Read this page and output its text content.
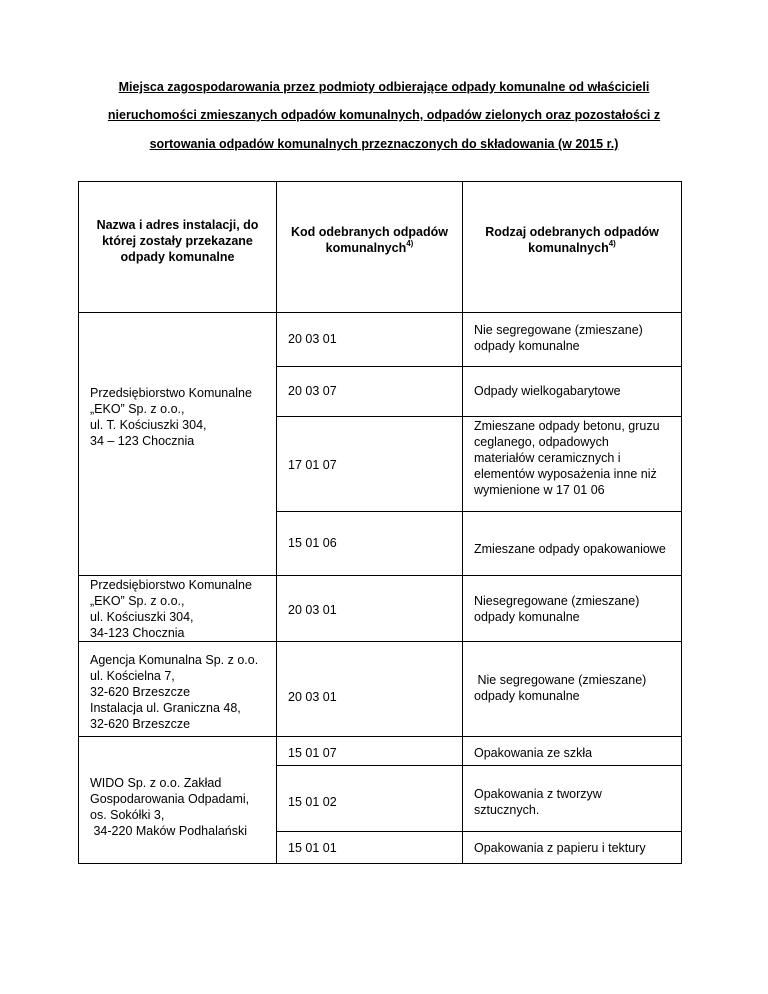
Miejsca zagospodarowania przez podmioty odbierające odpady komunalne od właścicieli
nieruchomości zmieszanych odpadów komunalnych, odpadów zielonych oraz pozostałości z
sortowania odpadów komunalnych przeznaczonych do składowania (w 2015 r.)
Nazwa i adres instalacji, do
której zostały przekazane
odpady komunalne
Kod odebranych odpadów
komunalnych$^{4)}$
Rodzaj odebranych odpadów
komunalnych$^{4)}$
Przedsiębiorstwo Komunalne
„EKO” Sp. z o.o.,
ul. T. Kościuszki 304,
34 – 123 Chocznia
Przedsiębiorstwo Komunalne
„EKO” Sp. z o.o.,
ul. Kościuszki 304,
34-123 Chocznia
Agencja Komunalna Sp. z o.o.
ul. Kościelna 7,
32-620 Brzeszcze
Instalacja ul. Graniczna 48,
32-620 Brzeszcze
WIDO Sp. z o.o. Zakład
Gospodarowania Odpadami,
os. Sokółki 3,
34-220 Maków Podhalański
20 03 01
20 03 07
17 01 07
15 01 06
20 03 01
20 03 01
15 01 07
15 01 02
15 01 01
Nie segregowane (zmieszane)
odpady komunalne
Odpady wielkogabarytowe
Zmieszane odpady betonu, gruzu
ceglanego, odpadowych
materiałów ceramicznych i
elementów wyposażenia inne niż
wymienione w 17 01 06
Zmieszane odpady opakowaniowe
Niesegregowane (zmieszane)
odpady komunalne
Nie segregowane (zmieszane)
odpady komunalne
Opakowania ze szkła
Opakowania z tworzyw
sztucznych.
Opakowania z papieru i tektury
